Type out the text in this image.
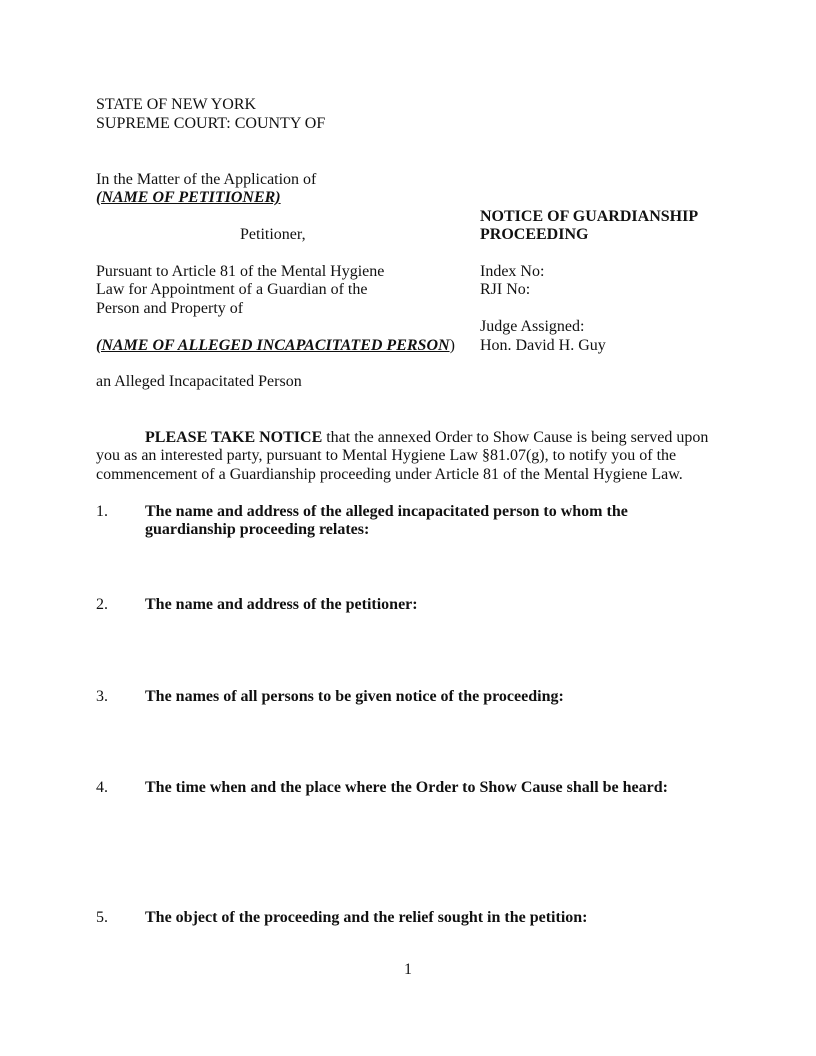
STATE OF NEW YORK
SUPREME COURT: COUNTY OF
In the Matter of the Application of
(NAME OF PETITIONER)
Petitioner,
Pursuant to Article 81 of the Mental Hygiene
Law for Appointment of a Guardian of the
Person and Property of
(NAME OF ALLEGED INCAPACITATED PERSON)
an Alleged Incapacitated Person
NOTICE OF GUARDIANSHIP
PROCEEDING
Index No:
RJI No:
Judge Assigned:
Hon. David H. Guy
PLEASE TAKE NOTICE that the annexed Order to Show Cause is being served upon
you as an interested party, pursuant to Mental Hygiene Law §81.07(g), to notify you of the
commencement of a Guardianship proceeding under Article 81 of the Mental Hygiene Law.
1. The name and address of the alleged incapacitated person to whom the
guardianship proceeding relates:
2. The name and address of the petitioner:
3. The names of all persons to be given notice of the proceeding:
4. The time when and the place where the Order to Show Cause shall be heard:
5. The object of the proceeding and the relief sought in the petition:
1
